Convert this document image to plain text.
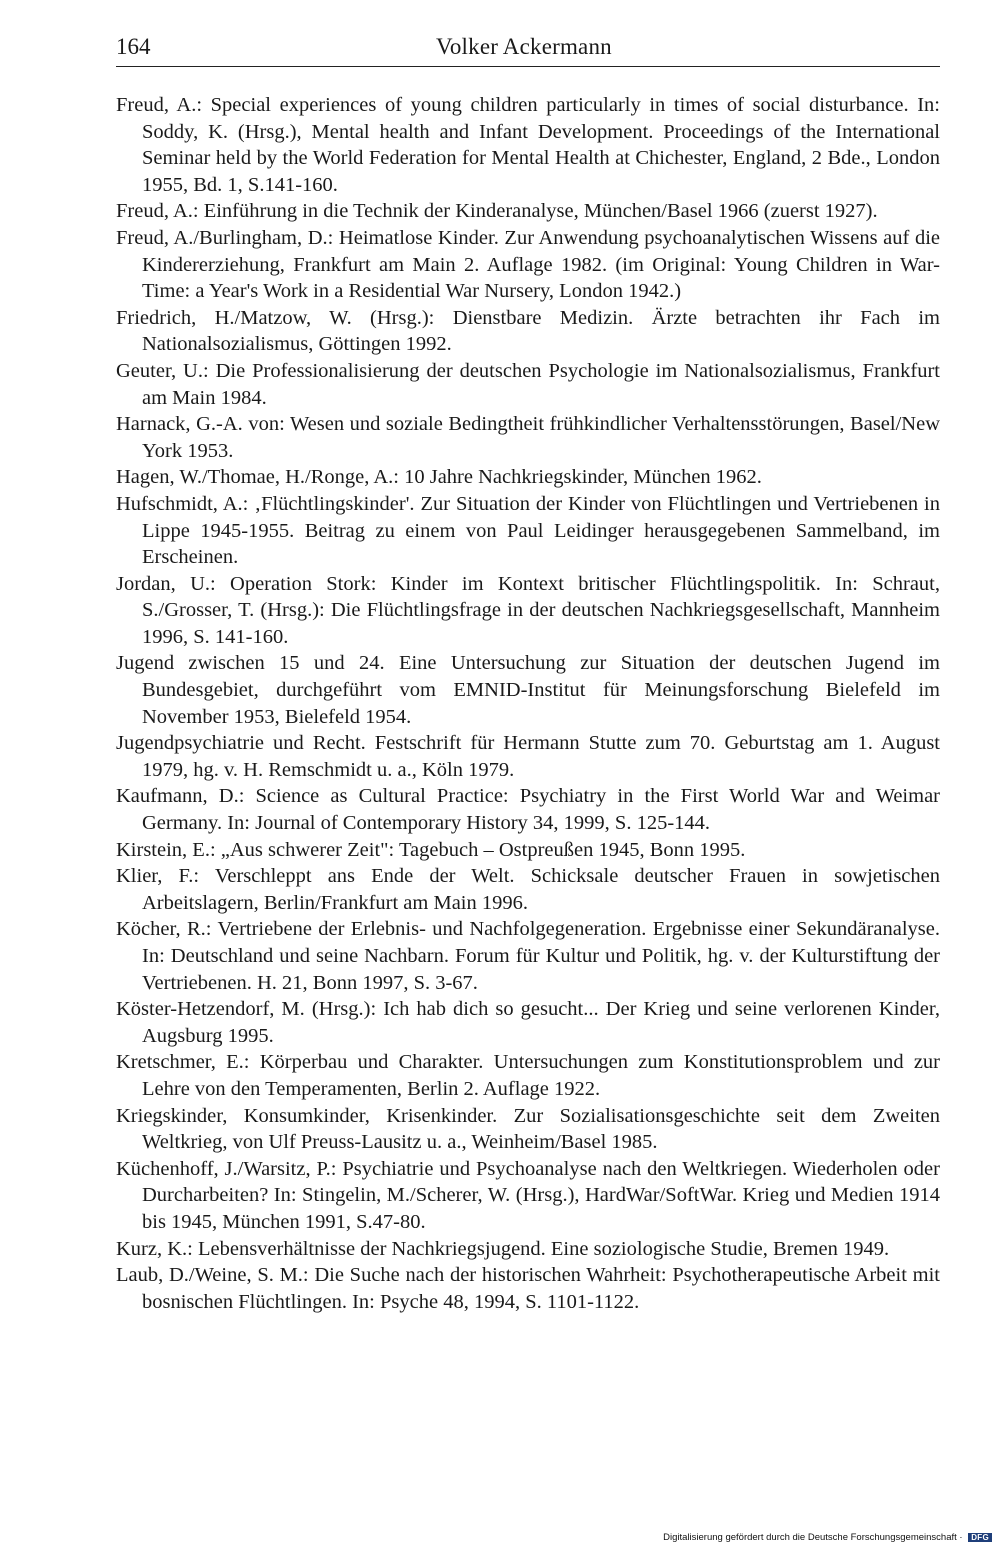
164	Volker Ackermann
Freud, A.: Special experiences of young children particularly in times of social disturbance. In: Soddy, K. (Hrsg.), Mental health and Infant Development. Proceedings of the International Seminar held by the World Federation for Mental Health at Chichester, England, 2 Bde., London 1955, Bd. 1, S.141-160.
Freud, A.: Einführung in die Technik der Kinderanalyse, München/Basel 1966 (zuerst 1927).
Freud, A./Burlingham, D.: Heimatlose Kinder. Zur Anwendung psychoanalytischen Wissens auf die Kindererziehung, Frankfurt am Main 2. Auflage 1982. (im Original: Young Children in War-Time: a Year's Work in a Residential War Nursery, London 1942.)
Friedrich, H./Matzow, W. (Hrsg.): Dienstbare Medizin. Ärzte betrachten ihr Fach im Nationalsozialismus, Göttingen 1992.
Geuter, U.: Die Professionalisierung der deutschen Psychologie im Nationalsozialismus, Frankfurt am Main 1984.
Harnack, G.-A. von: Wesen und soziale Bedingtheit frühkindlicher Verhaltensstörungen, Basel/New York 1953.
Hagen, W./Thomae, H./Ronge, A.: 10 Jahre Nachkriegskinder, München 1962.
Hufschmidt, A.: ‚Flüchtlingskinder'. Zur Situation der Kinder von Flüchtlingen und Vertriebenen in Lippe 1945-1955. Beitrag zu einem von Paul Leidinger herausgegebenen Sammelband, im Erscheinen.
Jordan, U.: Operation Stork: Kinder im Kontext britischer Flüchtlingspolitik. In: Schraut, S./Grosser, T. (Hrsg.): Die Flüchtlingsfrage in der deutschen Nachkriegsgesellschaft, Mannheim 1996, S. 141-160.
Jugend zwischen 15 und 24. Eine Untersuchung zur Situation der deutschen Jugend im Bundesgebiet, durchgeführt vom EMNID-Institut für Meinungsforschung Bielefeld im November 1953, Bielefeld 1954.
Jugendpsychiatrie und Recht. Festschrift für Hermann Stutte zum 70. Geburtstag am 1. August 1979, hg. v. H. Remschmidt u. a., Köln 1979.
Kaufmann, D.: Science as Cultural Practice: Psychiatry in the First World War and Weimar Germany. In: Journal of Contemporary History 34, 1999, S. 125-144.
Kirstein, E.: „Aus schwerer Zeit": Tagebuch – Ostpreußen 1945, Bonn 1995.
Klier, F.: Verschleppt ans Ende der Welt. Schicksale deutscher Frauen in sowjetischen Arbeitslagern, Berlin/Frankfurt am Main 1996.
Köcher, R.: Vertriebene der Erlebnis- und Nachfolgegeneration. Ergebnisse einer Sekundäranalyse. In: Deutschland und seine Nachbarn. Forum für Kultur und Politik, hg. v. der Kulturstiftung der Vertriebenen. H. 21, Bonn 1997, S. 3-67.
Köster-Hetzendorf, M. (Hrsg.): Ich hab dich so gesucht... Der Krieg und seine verlorenen Kinder, Augsburg 1995.
Kretschmer, E.: Körperbau und Charakter. Untersuchungen zum Konstitutionsproblem und zur Lehre von den Temperamenten, Berlin 2. Auflage 1922.
Kriegskinder, Konsumkinder, Krisenkinder. Zur Sozialisationsgeschichte seit dem Zweiten Weltkrieg, von Ulf Preuss-Lausitz u. a., Weinheim/Basel 1985.
Küchenhoff, J./Warsitz, P.: Psychiatrie und Psychoanalyse nach den Weltkriegen. Wiederholen oder Durcharbeiten? In: Stingelin, M./Scherer, W. (Hrsg.), HardWar/SoftWar. Krieg und Medien 1914 bis 1945, München 1991, S.47-80.
Kurz, K.: Lebensverhältnisse der Nachkriegsjugend. Eine soziologische Studie, Bremen 1949.
Laub, D./Weine, S. M.: Die Suche nach der historischen Wahrheit: Psychotherapeutische Arbeit mit bosnischen Flüchtlingen. In: Psyche 48, 1994, S. 1101-1122.
Digitalisierung gefördert durch die Deutsche Forschungsgemeinschaft · DFG
